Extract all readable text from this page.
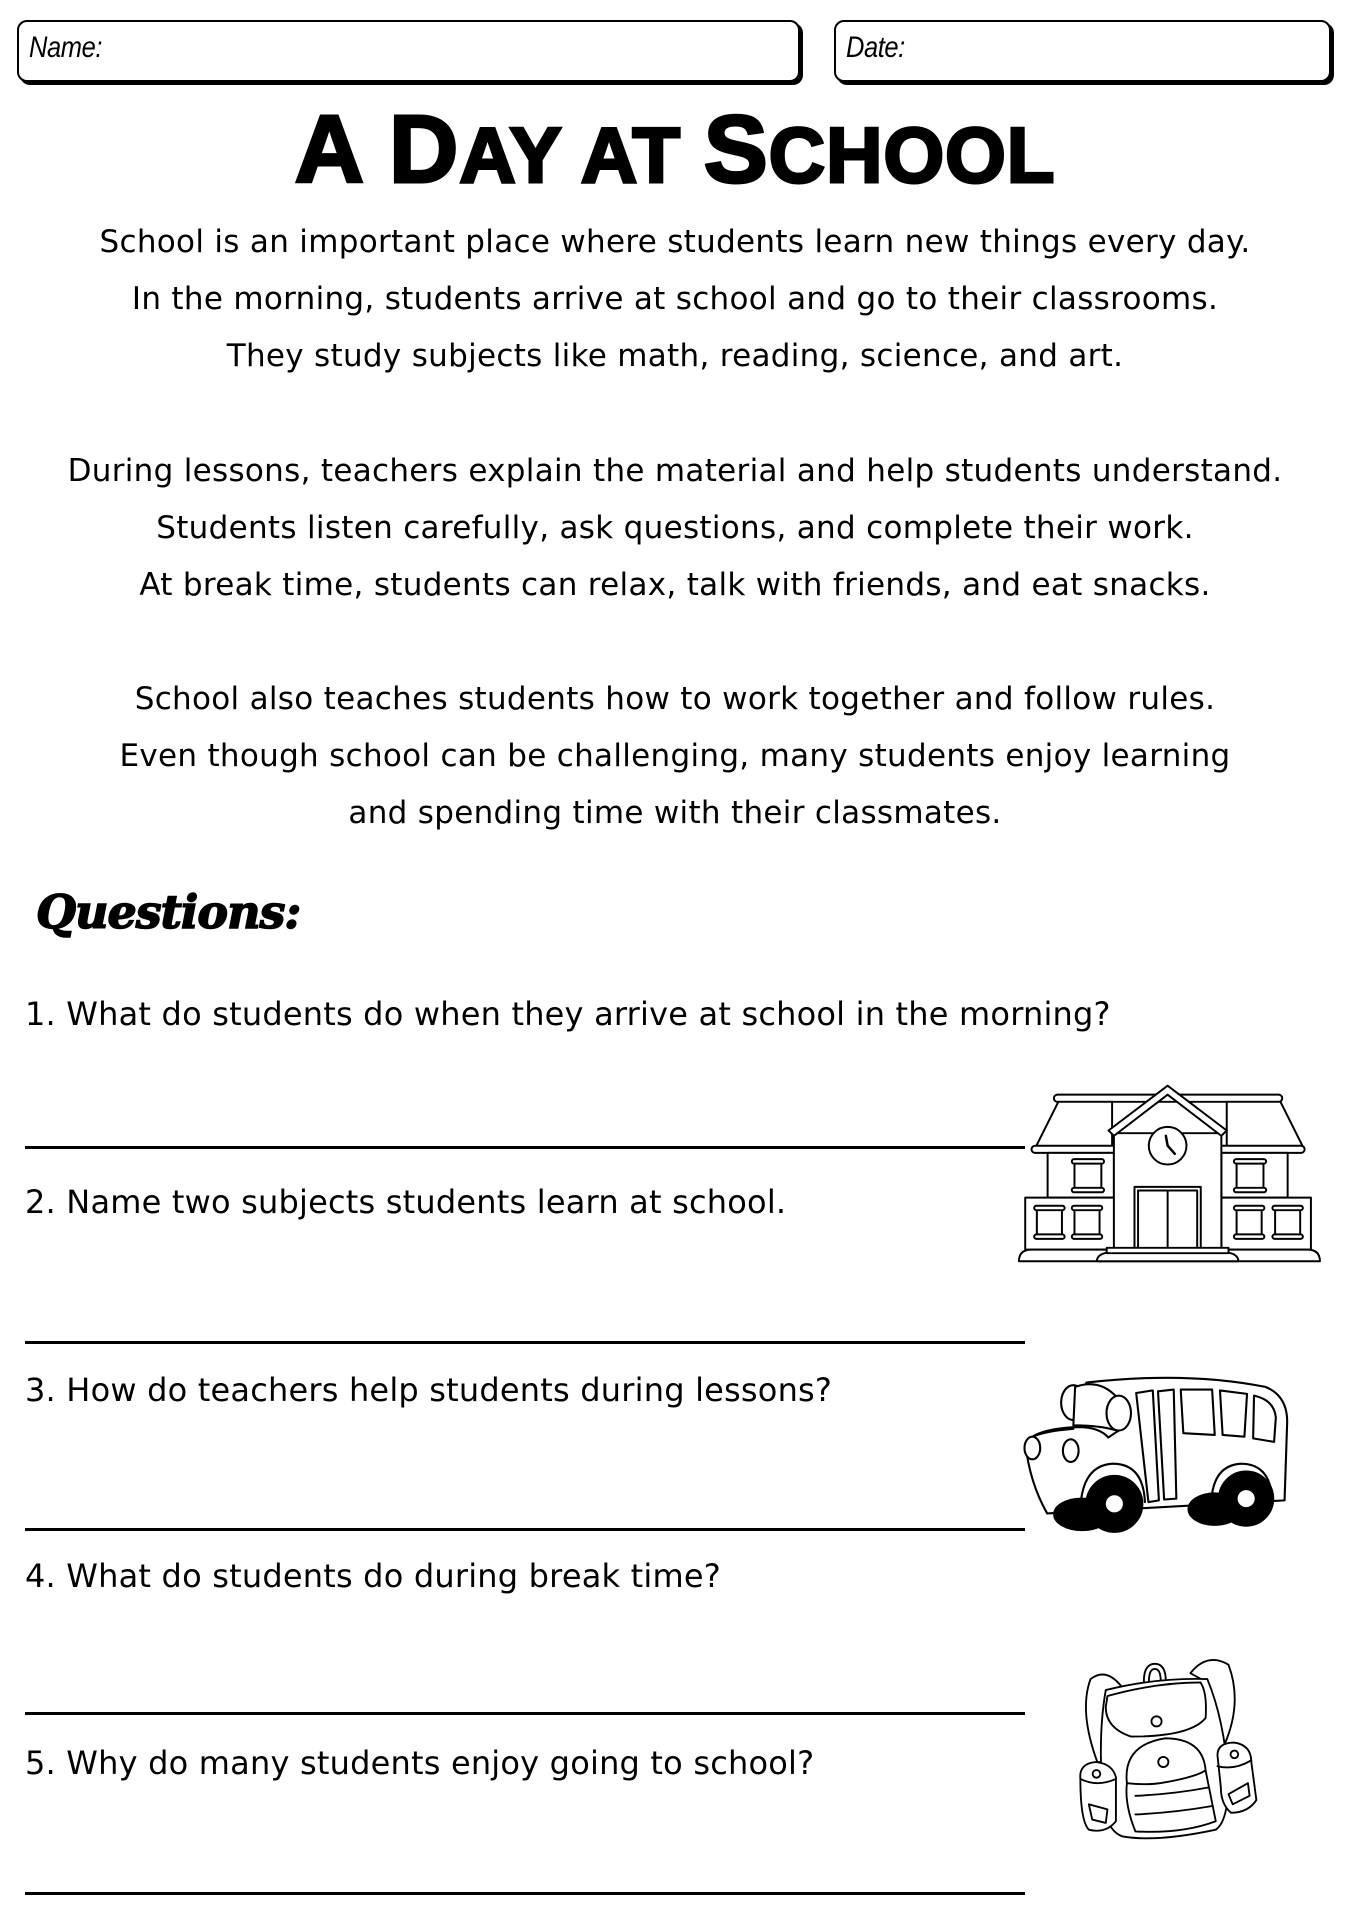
Name:	Date:
A DAY AT SCHOOL
School is an important place where students learn new things every day.
In the morning, students arrive at school and go to their classrooms.
They study subjects like math, reading, science, and art.
During lessons, teachers explain the material and help students understand.
Students listen carefully, ask questions, and complete their work.
At break time, students can relax, talk with friends, and eat snacks.
School also teaches students how to work together and follow rules.
Even though school can be challenging, many students enjoy learning
and spending time with their classmates.
Questions:
1. What do students do when they arrive at school in the morning?
2. Name two subjects students learn at school.
3. How do teachers help students during lessons?
4. What do students do during break time?
5. Why do many students enjoy going to school?
